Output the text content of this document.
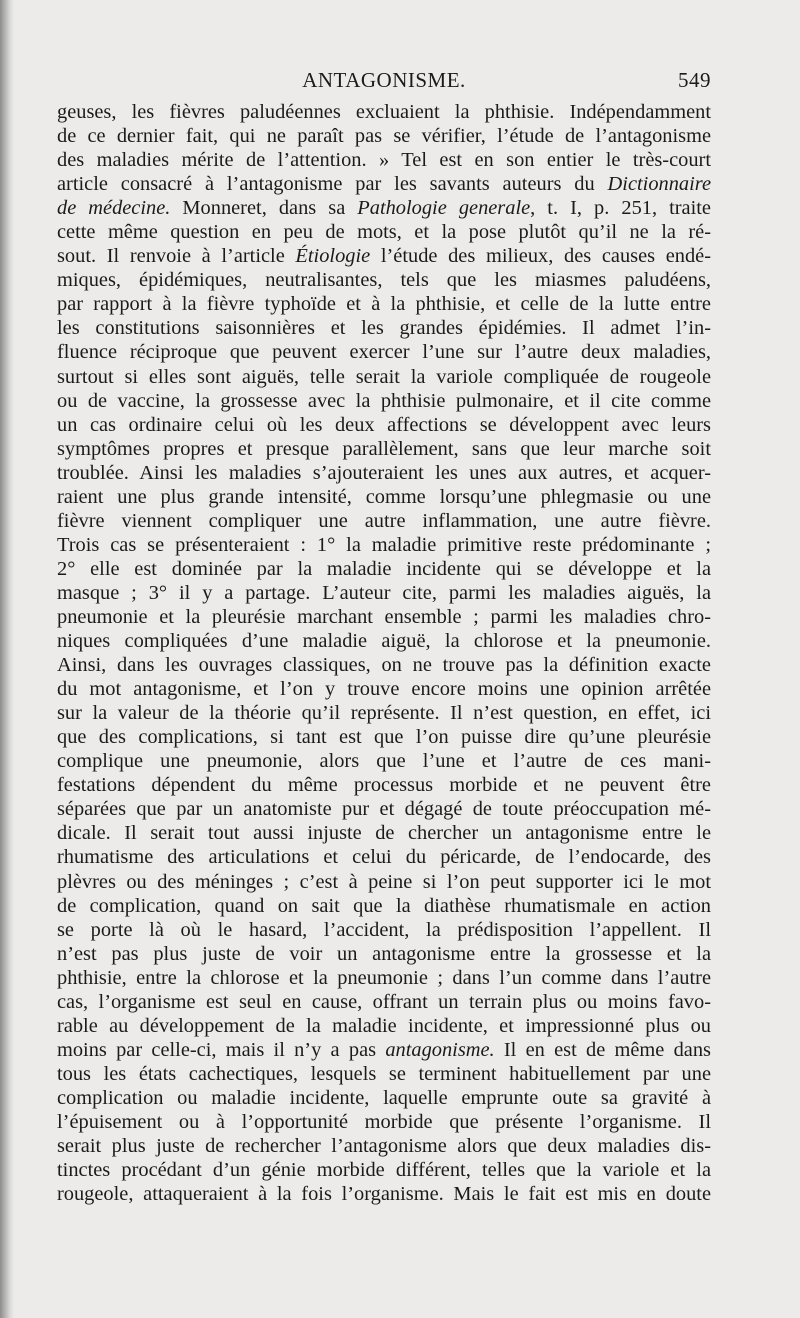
ANTAGONISME.	549
geuses, les fièvres paludéennes excluaient la phthisie. Indépendamment
de ce dernier fait, qui ne paraît pas se vérifier, l’étude de l’antagonisme
des maladies mérite de l’attention. » Tel est en son entier le très-court
article consacré à l’antagonisme par les savants auteurs du Dictionnaire
de médecine. Monneret, dans sa Pathologie generale, t. I, p. 251, traite
cette même question en peu de mots, et la pose plutôt qu’il ne la ré-
sout. Il renvoie à l’article Étiologie l’étude des milieux, des causes endé-
miques, épidémiques, neutralisantes, tels que les miasmes paludéens,
par rapport à la fièvre typhoïde et à la phthisie, et celle de la lutte entre
les constitutions saisonnières et les grandes épidémies. Il admet l’in-
fluence réciproque que peuvent exercer l’une sur l’autre deux maladies,
surtout si elles sont aiguës, telle serait la variole compliquée de rougeole
ou de vaccine, la grossesse avec la phthisie pulmonaire, et il cite comme
un cas ordinaire celui où les deux affections se développent avec leurs
symptômes propres et presque parallèlement, sans que leur marche soit
troublée. Ainsi les maladies s’ajouteraient les unes aux autres, et acquer-
raient une plus grande intensité, comme lorsqu’une phlegmasie ou une
fièvre viennent compliquer une autre inflammation, une autre fièvre.
Trois cas se présenteraient : 1° la maladie primitive reste prédominante ;
2° elle est dominée par la maladie incidente qui se développe et la
masque ; 3° il y a partage. L’auteur cite, parmi les maladies aiguës, la
pneumonie et la pleurésie marchant ensemble ; parmi les maladies chro-
niques compliquées d’une maladie aiguë, la chlorose et la pneumonie.
Ainsi, dans les ouvrages classiques, on ne trouve pas la définition exacte
du mot antagonisme, et l’on y trouve encore moins une opinion arrêtée
sur la valeur de la théorie qu’il représente. Il n’est question, en effet, ici
que des complications, si tant est que l’on puisse dire qu’une pleurésie
complique une pneumonie, alors que l’une et l’autre de ces mani-
festations dépendent du même processus morbide et ne peuvent être
séparées que par un anatomiste pur et dégagé de toute préoccupation mé-
dicale. Il serait tout aussi injuste de chercher un antagonisme entre le
rhumatisme des articulations et celui du péricarde, de l’endocarde, des
plèvres ou des méninges ; c’est à peine si l’on peut supporter ici le mot
de complication, quand on sait que la diathèse rhumatismale en action
se porte là où le hasard, l’accident, la prédisposition l’appellent. Il
n’est pas plus juste de voir un antagonisme entre la grossesse et la
phthisie, entre la chlorose et la pneumonie ; dans l’un comme dans l’autre
cas, l’organisme est seul en cause, offrant un terrain plus ou moins favo-
rable au développement de la maladie incidente, et impressionné plus ou
moins par celle-ci, mais il n’y a pas antagonisme. Il en est de même dans
tous les états cachectiques, lesquels se terminent habituellement par une
complication ou maladie incidente, laquelle emprunte oute sa gravité à
l’épuisement ou à l’opportunité morbide que présente l’organisme. Il
serait plus juste de rechercher l’antagonisme alors que deux maladies dis-
tinctes procédant d’un génie morbide différent, telles que la variole et la
rougeole, attaqueraient à la fois l’organisme. Mais le fait est mis en doute
